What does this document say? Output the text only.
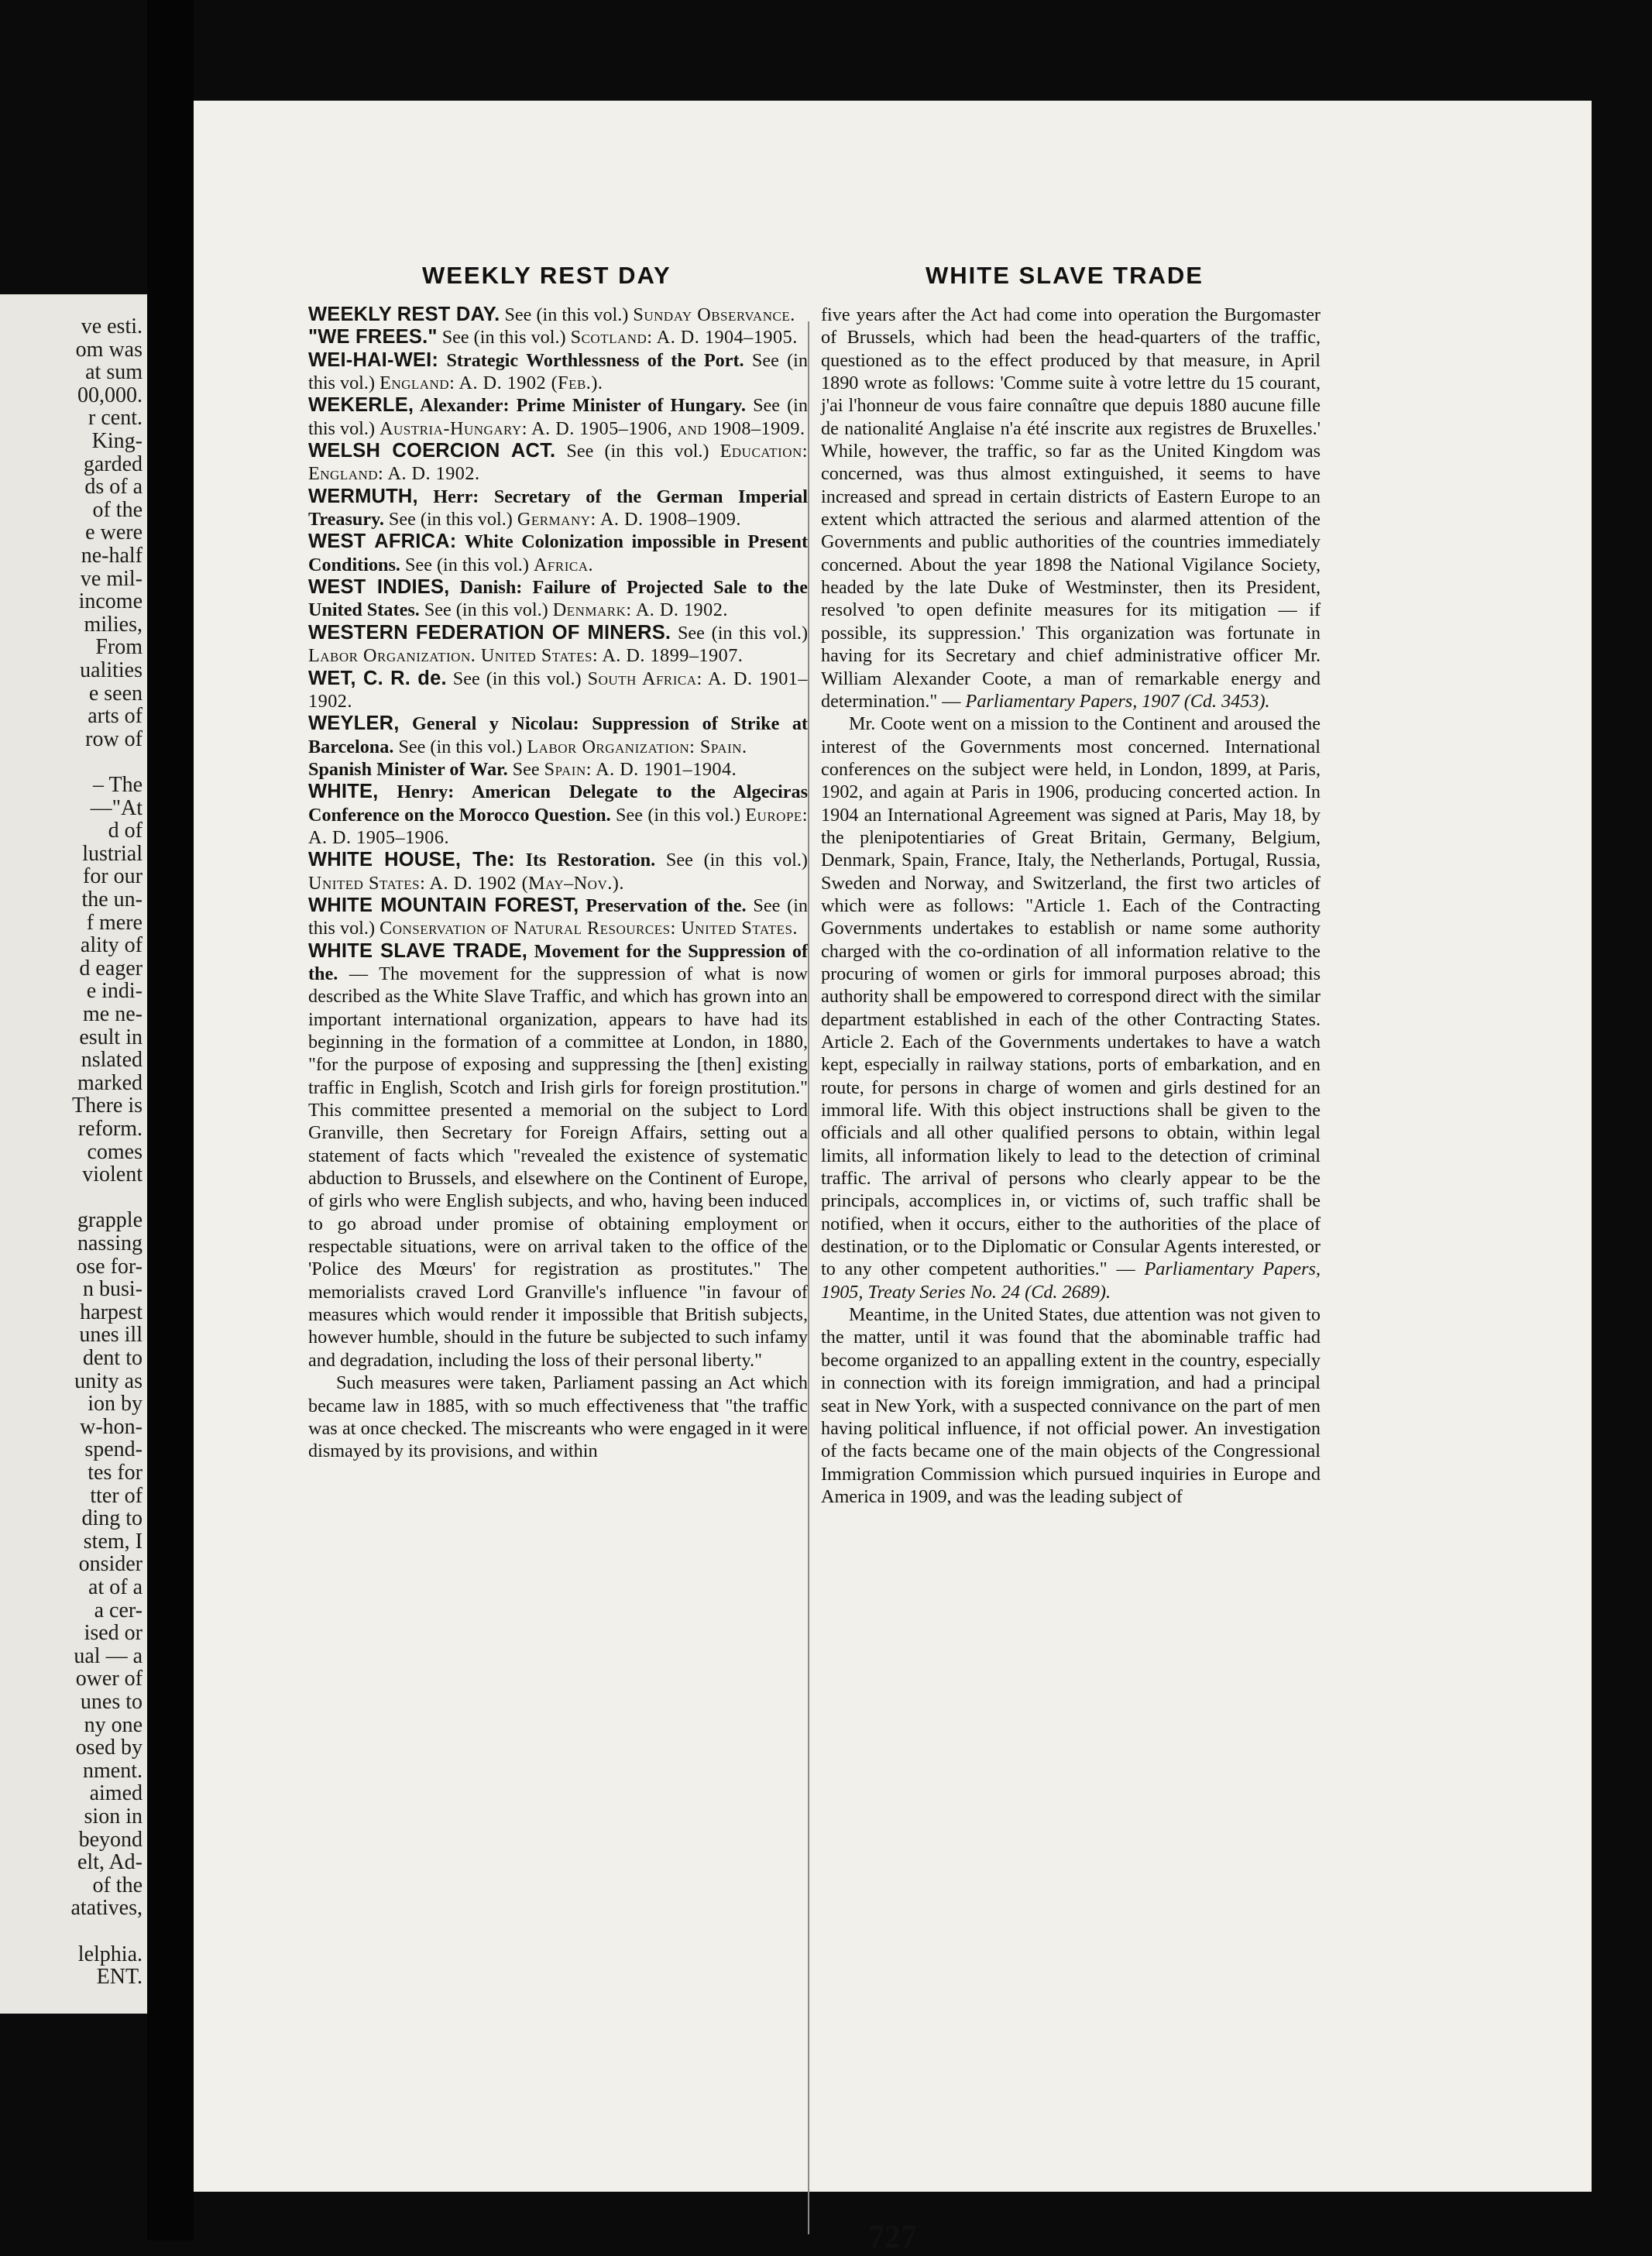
ve esti.
om was
at sum
00,000.
r cent.
King-
garded
ds of a
of the
e were
ne-half
ve mil-
income
milies,
From
ualities
e seen
arts of
row of
– The
—"At
d of
lustrial
for our
the un-
f mere
ality of
d eager
e indi-
me ne-
esult in
nslated
marked
There is
reform.
comes
violent
grapple
nassing
ose for-
n busi-
harpest
unes ill
dent to
unity as
ion by
w-hon-
spend-
tes for
tter of
ding to
stem, I
onsider
at of a
a cer-
ised or
ual — a
ower of
unes to
ny one
osed by
nment.
aimed
sion in
beyond
elt, Ad-
of the
atatives,
lelphia.
ENT.
WEEKLY REST DAY	WHITE SLAVE TRADE

WEEKLY REST DAY. See (in this vol.) Sunday Observance.

"WE FREES." See (in this vol.) Scotland: A. D. 1904–1905.

WEI-HAI-WEI: Strategic Worthlessness of the Port. See (in this vol.) England: A. D. 1902 (Feb.).

WEKERLE, Alexander: Prime Minister of Hungary. See (in this vol.) Austria-Hungary: A. D. 1905–1906, and 1908–1909.

WELSH COERCION ACT. See (in this vol.) Education: England: A. D. 1902.

WERMUTH, Herr: Secretary of the German Imperial Treasury. See (in this vol.) Germany: A. D. 1908–1909.

WEST AFRICA: White Colonization impossible in Present Conditions. See (in this vol.) Africa.

WEST INDIES, Danish: Failure of Projected Sale to the United States. See (in this vol.) Denmark: A. D. 1902.

WESTERN FEDERATION OF MINERS. See (in this vol.) Labor Organization. United States: A. D. 1899–1907.

WET, C. R. de. See (in this vol.) South Africa: A. D. 1901–1902.

WEYLER, General y Nicolau: Suppression of Strike at Barcelona. See (in this vol.) Labor Organization: Spain.

Spanish Minister of War. See Spain: A. D. 1901–1904.

WHITE, Henry: American Delegate to the Algeciras Conference on the Morocco Question. See (in this vol.) Europe: A. D. 1905–1906.

WHITE HOUSE, The: Its Restoration. See (in this vol.) United States: A. D. 1902 (May–Nov.).

WHITE MOUNTAIN FOREST, Preservation of the. See (in this vol.) Conservation of Natural Resources: United States.

WHITE SLAVE TRADE, Movement for the Suppression of the. — The movement for the suppression of what is now described as the White Slave Traffic, and which has grown into an important international organization, appears to have had its beginning in the formation of a committee at London, in 1880, "for the purpose of exposing and suppressing the [then] existing traffic in English, Scotch and Irish girls for foreign prostitution." This committee presented a memorial on the subject to Lord Granville, then Secretary for Foreign Affairs, setting out a statement of facts which "revealed the existence of systematic abduction to Brussels, and elsewhere on the Continent of Europe, of girls who were English subjects, and who, having been induced to go abroad under promise of obtaining employment or respectable situations, were on arrival taken to the office of the 'Police des Mœurs' for registration as prostitutes." The memorialists craved Lord Granville's influence "in favour of measures which would render it impossible that British subjects, however humble, should in the future be subjected to such infamy and degradation, including the loss of their personal liberty."

Such measures were taken, Parliament passing an Act which became law in 1885, with so much effectiveness that "the traffic was at once checked. The miscreants who were engaged in it were dismayed by its provisions, and within

five years after the Act had come into operation the Burgomaster of Brussels, which had been the head-quarters of the traffic, questioned as to the effect produced by that measure, in April 1890 wrote as follows: 'Comme suite à votre lettre du 15 courant, j'ai l'honneur de vous faire connaître que depuis 1880 aucune fille de nationalité Anglaise n'a été inscrite aux registres de Bruxelles.' While, however, the traffic, so far as the United Kingdom was concerned, was thus almost extinguished, it seems to have increased and spread in certain districts of Eastern Europe to an extent which attracted the serious and alarmed attention of the Governments and public authorities of the countries immediately concerned. About the year 1898 the National Vigilance Society, headed by the late Duke of Westminster, then its President, resolved 'to open definite measures for its mitigation — if possible, its suppression.' This organization was fortunate in having for its Secretary and chief administrative officer Mr. William Alexander Coote, a man of remarkable energy and determination." — Parliamentary Papers, 1907 (Cd. 3453).

Mr. Coote went on a mission to the Continent and aroused the interest of the Governments most concerned. International conferences on the subject were held, in London, 1899, at Paris, 1902, and again at Paris in 1906, producing concerted action. In 1904 an International Agreement was signed at Paris, May 18, by the plenipotentiaries of Great Britain, Germany, Belgium, Denmark, Spain, France, Italy, the Netherlands, Portugal, Russia, Sweden and Norway, and Switzerland, the first two articles of which were as follows: "Article 1. Each of the Contracting Governments undertakes to establish or name some authority charged with the co-ordination of all information relative to the procuring of women or girls for immoral purposes abroad; this authority shall be empowered to correspond direct with the similar department established in each of the other Contracting States. Article 2. Each of the Governments undertakes to have a watch kept, especially in railway stations, ports of embarkation, and en route, for persons in charge of women and girls destined for an immoral life. With this object instructions shall be given to the officials and all other qualified persons to obtain, within legal limits, all information likely to lead to the detection of criminal traffic. The arrival of persons who clearly appear to be the principals, accomplices in, or victims of, such traffic shall be notified, when it occurs, either to the authorities of the place of destination, or to the Diplomatic or Consular Agents interested, or to any other competent authorities." — Parliamentary Papers, 1905, Treaty Series No. 24 (Cd. 2689).

Meantime, in the United States, due attention was not given to the matter, until it was found that the abominable traffic had become organized to an appalling extent in the country, especially in connection with its foreign immigration, and had a principal seat in New York, with a suspected connivance on the part of men having political influence, if not official power. An investigation of the facts became one of the main objects of the Congressional Immigration Commission which pursued inquiries in Europe and America in 1909, and was the leading subject of

727
